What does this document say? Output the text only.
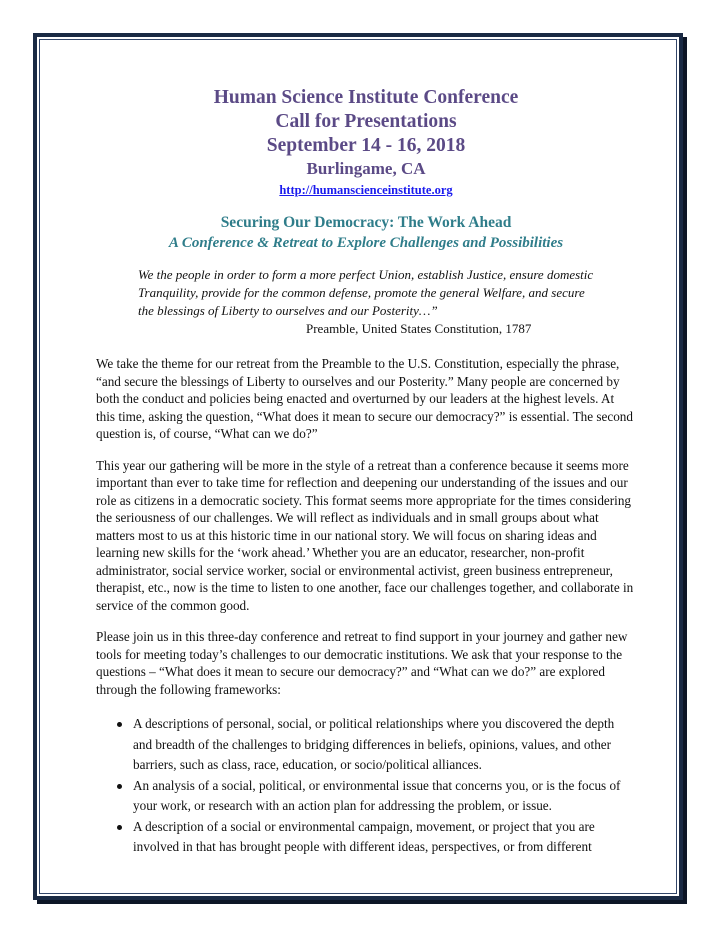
Human Science Institute Conference
Call for Presentations
September 14 - 16, 2018
Burlingame, CA
http://humanscienceinstitute.org
Securing Our Democracy: The Work Ahead
A Conference & Retreat to Explore Challenges and Possibilities
We the people in order to form a more perfect Union, establish Justice, ensure domestic Tranquility, provide for the common defense, promote the general Welfare, and secure the blessings of Liberty to ourselves and our Posterity…”
Preamble, United States Constitution, 1787

We take the theme for our retreat from the Preamble to the U.S. Constitution, especially the phrase, “and secure the blessings of Liberty to ourselves and our Posterity.” Many people are concerned by both the conduct and policies being enacted and overturned by our leaders at the highest levels. At this time, asking the question, “What does it mean to secure our democracy?” is essential. The second question is, of course, “What can we do?”

This year our gathering will be more in the style of a retreat than a conference because it seems more important than ever to take time for reflection and deepening our understanding of the issues and our role as citizens in a democratic society. This format seems more appropriate for the times considering the seriousness of our challenges. We will reflect as individuals and in small groups about what matters most to us at this historic time in our national story. We will focus on sharing ideas and learning new skills for the ‘work ahead.’ Whether you are an educator, researcher, non-profit administrator, social service worker, social or environmental activist, green business entrepreneur, therapist, etc., now is the time to listen to one another, face our challenges together, and collaborate in service of the common good.

Please join us in this three-day conference and retreat to find support in your journey and gather new tools for meeting today’s challenges to our democratic institutions. We ask that your response to the questions – “What does it mean to secure our democracy?” and “What can we do?” are explored through the following frameworks:

A descriptions of personal, social, or political relationships where you discovered the depth and breadth of the challenges to bridging differences in beliefs, opinions, values, and other barriers, such as class, race, education, or socio/political alliances.
An analysis of a social, political, or environmental issue that concerns you, or is the focus of your work, or research with an action plan for addressing the problem, or issue.
A description of a social or environmental campaign, movement, or project that you are involved in that has brought people with different ideas, perspectives, or from different
